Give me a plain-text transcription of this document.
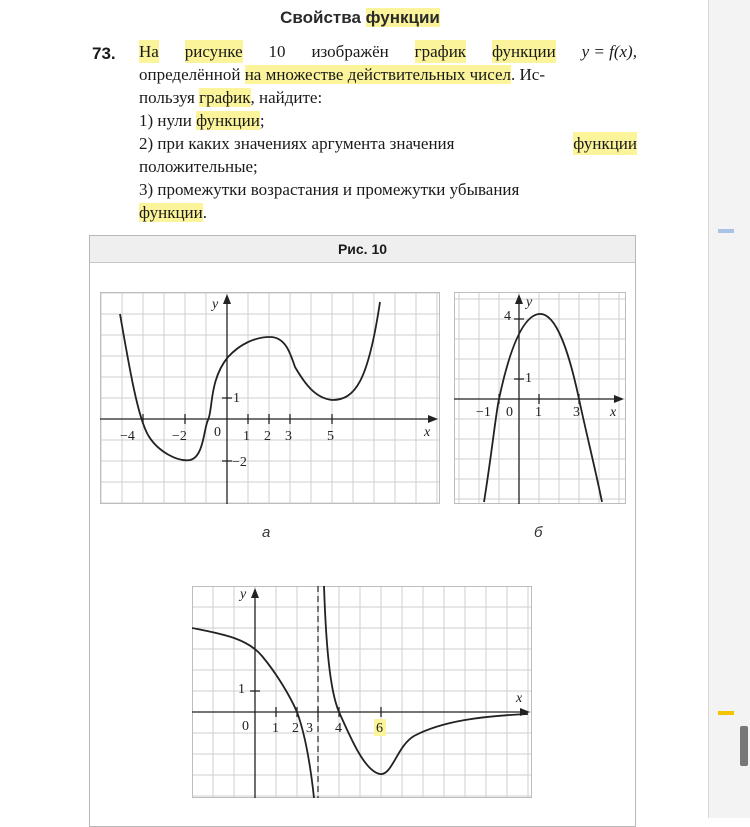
Свойства функции
73. На рисунке 10 изображён график функции y = f(x),
определённой на множестве действительных чисел. Ис-
пользуя график, найдите:
1) нули функции;
2) при каких значениях аргумента значения	функции
положительные;
3) промежутки возрастания и промежутки убывания
функции.
Рис. 10
y
x
−4	−2 0 1 2 3	5
1
−2
y
x
−1 0 1 3
4
1
а	б
y
x
0 1 2 3 4 6
1
